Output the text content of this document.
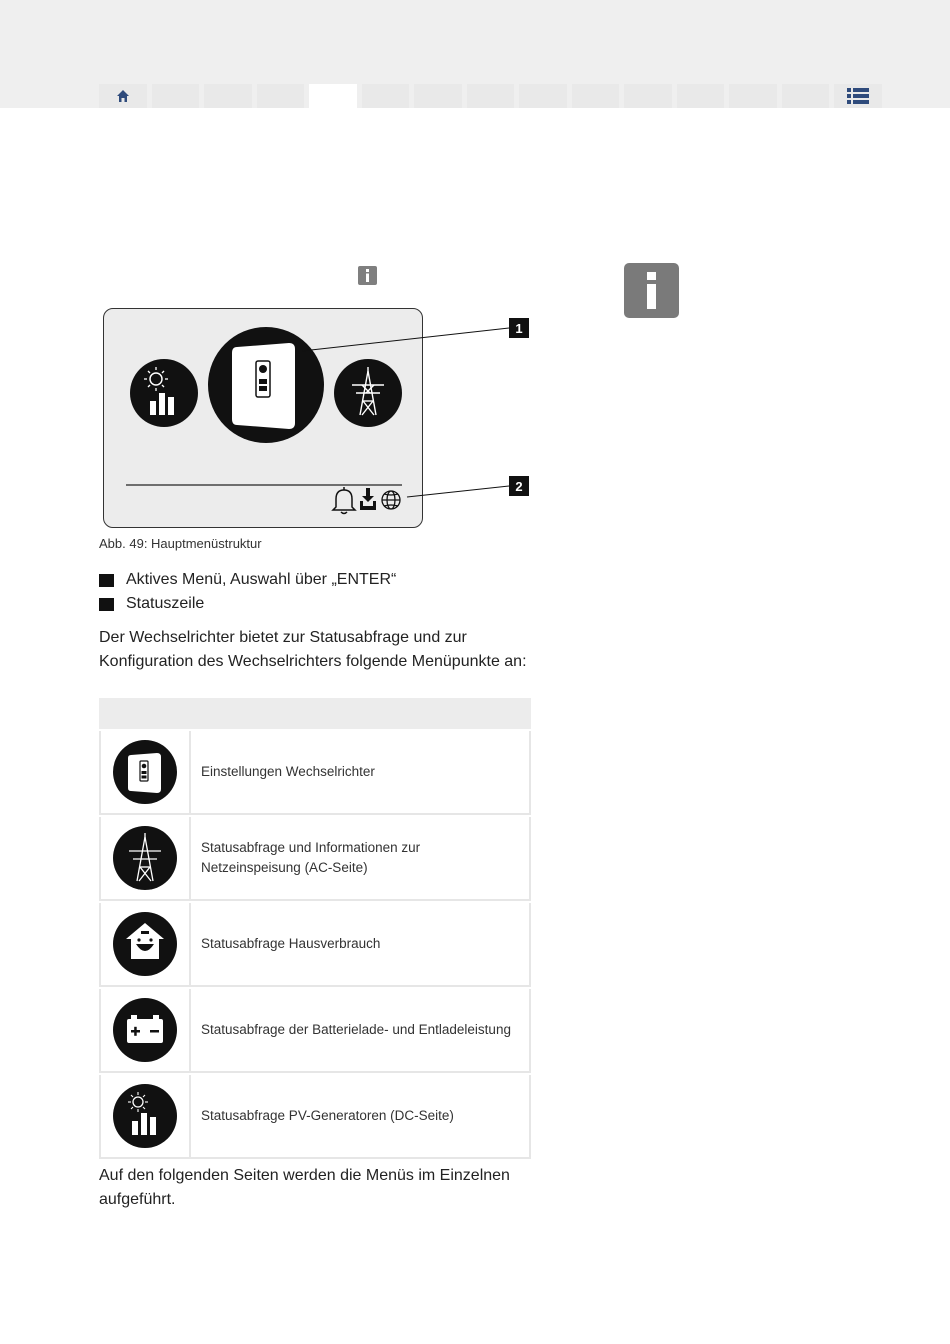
1
2
Abb. 49: Hauptmenüstruktur
Aktives Menü, Auswahl über „ENTER“
Statuszeile
Der Wechselrichter bietet zur Statusabfrage und zur Konfiguration des Wechselrichters folgende Menüpunkte an:
Einstellungen Wechselrichter
Statusabfrage und Informationen zur Netzeinspeisung (AC-Seite)
Statusabfrage Hausverbrauch
Statusabfrage der Batterielade- und Entladeleistung
Statusabfrage PV-Generatoren (DC-Seite)
Auf den folgenden Seiten werden die Menüs im Einzelnen aufgeführt.
